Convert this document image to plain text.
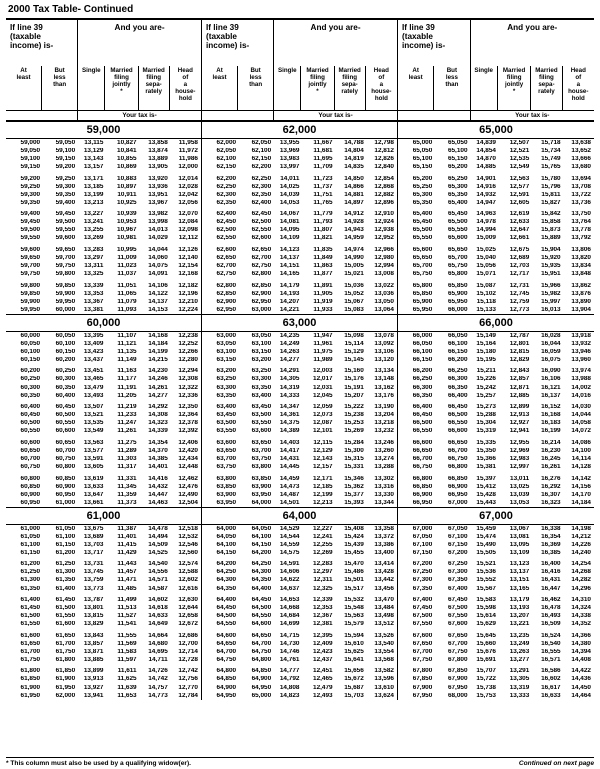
2000 Tax Table- Continued
If line 39 (taxable income) is-
And you are-
At
least
But
less
than
Single	Married
filing
jointly
*
Married
filing
sepa-
rately
Head
of
a
house-
hold

Your tax is-
59,000
59,000	59,050	13,115	10,827	13,858	11,958
59,050	59,100	13,129	10,841	13,874	11,972
59,100	59,150	13,143	10,855	13,889	11,986
59,150	59,200	13,157	10,869	13,905	12,000
59,200	59,250	13,171	10,883	13,920	12,014
59,250	59,300	13,185	10,897	13,936	12,028
59,300	59,350	13,199	10,911	13,951	12,042
59,350	59,400	13,213	10,925	13,967	12,056
59,400	59,450	13,227	10,939	13,982	12,070
59,450	59,500	13,241	10,953	13,998	12,084
59,500	59,550	13,255	10,967	14,013	12,098
59,550	59,600	13,269	10,981	14,029	12,112
59,600	59,650	13,283	10,995	14,044	12,126
59,650	59,700	13,297	11,009	14,060	12,140
59,700	59,750	13,311	11,023	14,075	12,154
59,750	59,800	13,325	11,037	14,091	12,168
59,800	59,850	13,339	11,051	14,106	12,182
59,850	59,900	13,353	11,065	14,122	12,196
59,900	59,950	13,367	11,079	14,137	12,210
59,950	60,000	13,381	11,093	14,153	12,224
60,000
60,000	60,050	13,395	11,107	14,168	12,238
60,050	60,100	13,409	11,121	14,184	12,252
60,100	60,150	13,423	11,135	14,199	12,266
60,150	60,200	13,437	11,149	14,215	12,280
60,200	60,250	13,451	11,163	14,230	12,294
60,250	60,300	13,465	11,177	14,246	12,308
60,300	60,350	13,479	11,191	14,261	12,322
60,350	60,400	13,493	11,205	14,277	12,336
60,400	60,450	13,507	11,219	14,292	12,350
60,450	60,500	13,521	11,233	14,308	12,364
60,500	60,550	13,535	11,247	14,323	12,378
60,550	60,600	13,549	11,261	14,339	12,392
60,600	60,650	13,563	11,275	14,354	12,406
60,650	60,700	13,577	11,289	14,370	12,420
60,700	60,750	13,591	11,303	14,385	12,434
60,750	60,800	13,605	11,317	14,401	12,448
60,800	60,850	13,619	11,331	14,416	12,462
60,850	60,900	13,633	11,345	14,432	12,476
60,900	60,950	13,647	11,359	14,447	12,490
60,950	61,000	13,661	11,373	14,463	12,504
61,000
61,000	61,050	13,675	11,387	14,478	12,518
61,050	61,100	13,689	11,401	14,494	12,532
61,100	61,150	13,703	11,415	14,509	12,546
61,150	61,200	13,717	11,429	14,525	12,560
61,200	61,250	13,731	11,443	14,540	12,574
61,250	61,300	13,745	11,457	14,556	12,588
61,300	61,350	13,759	11,471	14,571	12,602
61,350	61,400	13,773	11,485	14,587	12,616
61,400	61,450	13,787	11,499	14,602	12,630
61,450	61,500	13,801	11,513	14,618	12,644
61,500	61,550	13,815	11,527	14,633	12,658
61,550	61,600	13,829	11,541	14,649	12,672
61,600	61,650	13,843	11,555	14,664	12,686
61,650	61,700	13,857	11,569	14,680	12,700
61,700	61,750	13,871	11,583	14,695	12,714
61,750	61,800	13,885	11,597	14,711	12,728
61,800	61,850	13,899	11,611	14,726	12,742
61,850	61,900	13,913	11,625	14,742	12,756
61,900	61,950	13,927	11,639	14,757	12,770
61,950	62,000	13,941	11,653	14,773	12,784
If line 39 (taxable income) is-
And you are-
At
least
But
less
than
Single	Married
filing
jointly
*
Married
filing
sepa-
rately
Head
of
a
house-
hold

Your tax is-
62,000
62,000	62,050	13,955	11,667	14,788	12,798
62,050	62,100	13,969	11,681	14,804	12,812
62,100	62,150	13,983	11,695	14,819	12,826
62,150	62,200	13,997	11,709	14,835	12,840
62,200	62,250	14,011	11,723	14,850	12,854
62,250	62,300	14,025	11,737	14,866	12,868
62,300	62,350	14,039	11,751	14,881	12,882
62,350	62,400	14,053	11,765	14,897	12,896
62,400	62,450	14,067	11,779	14,912	12,910
62,450	62,500	14,081	11,793	14,928	12,924
62,500	62,550	14,095	11,807	14,943	12,938
62,550	62,600	14,109	11,821	14,959	12,952
62,600	62,650	14,123	11,835	14,974	12,966
62,650	62,700	14,137	11,849	14,990	12,980
62,700	62,750	14,151	11,863	15,005	12,994
62,750	62,800	14,165	11,877	15,021	13,008
62,800	62,850	14,179	11,891	15,036	13,022
62,850	62,900	14,193	11,905	15,052	13,036
62,900	62,950	14,207	11,919	15,067	13,050
62,950	63,000	14,221	11,933	15,083	13,064
63,000
63,000	63,050	14,235	11,947	15,098	13,078
63,050	63,100	14,249	11,961	15,114	13,092
63,100	63,150	14,263	11,975	15,129	13,106
63,150	63,200	14,277	11,989	15,145	13,120
63,200	63,250	14,291	12,003	15,160	13,134
63,250	63,300	14,305	12,017	15,176	13,148
63,300	63,350	14,319	12,031	15,191	13,162
63,350	63,400	14,333	12,045	15,207	13,176
63,400	63,450	14,347	12,059	15,222	13,190
63,450	63,500	14,361	12,073	15,238	13,204
63,500	63,550	14,375	12,087	15,253	13,218
63,550	63,600	14,389	12,101	15,269	13,232
63,600	63,650	14,403	12,115	15,284	13,246
63,650	63,700	14,417	12,129	15,300	13,260
63,700	63,750	14,431	12,143	15,315	13,274
63,750	63,800	14,445	12,157	15,331	13,288
63,800	63,850	14,459	12,171	15,346	13,302
63,850	63,900	14,473	12,185	15,362	13,316
63,900	63,950	14,487	12,199	15,377	13,330
63,950	64,000	14,501	12,213	15,393	13,344
64,000
64,000	64,050	14,529	12,227	15,408	13,358
64,050	64,100	14,544	12,241	15,424	13,372
64,100	64,150	14,559	12,255	15,439	13,386
64,150	64,200	14,575	12,269	15,455	13,400
64,200	64,250	14,591	12,283	15,470	13,414
64,250	64,300	14,606	12,297	15,486	13,428
64,300	64,350	14,622	12,311	15,501	13,442
64,350	64,400	14,637	12,325	15,517	13,456
64,400	64,450	14,653	12,339	15,532	13,470
64,450	64,500	14,668	12,353	15,548	13,484
64,500	64,550	14,684	12,367	15,563	13,498
64,550	64,600	14,699	12,381	15,579	13,512
64,600	64,650	14,715	12,395	15,594	13,526
64,650	64,700	14,730	12,409	15,610	13,540
64,700	64,750	14,746	12,423	15,625	13,554
64,750	64,800	14,761	12,437	15,641	13,568
64,800	64,850	14,777	12,451	15,656	13,582
64,850	64,900	14,792	12,465	15,672	13,596
64,900	64,950	14,808	12,479	15,687	13,610
64,950	65,000	14,823	12,493	15,703	13,624
If line 39 (taxable income) is-
And you are-
At
least
But
less
than
Single	Married
filing
jointly
*
Married
filing
sepa-
rately
Head
of
a
house-
hold

Your tax is-
65,000
65,000	65,050	14,839	12,507	15,718	13,638
65,050	65,100	14,854	12,521	15,734	13,652
65,100	65,150	14,870	12,535	15,749	13,666
65,150	65,200	14,885	12,549	15,765	13,680
65,200	65,250	14,901	12,563	15,780	13,694
65,250	65,300	14,916	12,577	15,796	13,708
65,300	65,350	14,932	12,591	15,811	13,722
65,350	65,400	14,947	12,605	15,827	13,736
65,400	65,450	14,963	12,619	15,842	13,750
65,450	65,500	14,978	12,633	15,858	13,764
65,500	65,550	14,994	12,647	15,873	13,778
65,550	65,600	15,009	12,661	15,889	13,792
65,600	65,650	15,025	12,675	15,904	13,806
65,650	65,700	15,040	12,689	15,920	13,820
65,700	65,750	15,056	12,703	15,935	13,834
65,750	65,800	15,071	12,717	15,951	13,848
65,800	65,850	15,087	12,731	15,966	13,862
65,850	65,900	15,102	12,745	15,982	13,876
65,900	65,950	15,118	12,759	15,997	13,890
65,950	66,000	15,133	12,773	16,013	13,904
66,000
66,000	66,050	15,149	12,787	16,028	13,918
66,050	66,100	15,164	12,801	16,044	13,932
66,100	66,150	15,180	12,815	16,059	13,946
66,150	66,200	15,195	12,829	16,075	13,960
66,200	66,250	15,211	12,843	16,090	13,974
66,250	66,300	15,226	12,857	16,106	13,988
66,300	66,350	15,242	12,871	16,121	14,002
66,350	66,400	15,257	12,885	16,137	14,016
66,400	66,450	15,273	12,899	16,152	14,030
66,450	66,500	15,288	12,913	16,168	14,044
66,500	66,550	15,304	12,927	16,183	14,058
66,550	66,600	15,319	12,941	16,199	14,072
66,600	66,650	15,335	12,955	16,214	14,086
66,650	66,700	15,350	12,969	16,230	14,100
66,700	66,750	15,366	12,983	16,245	14,114
66,750	66,800	15,381	12,997	16,261	14,128
66,800	66,850	15,397	13,011	16,276	14,142
66,850	66,900	15,412	13,025	16,292	14,156
66,900	66,950	15,428	13,039	16,307	14,170
66,950	67,000	15,443	13,053	16,323	14,184
67,000
67,000	67,050	15,459	13,067	16,338	14,198
67,050	67,100	15,474	13,081	16,354	14,212
67,100	67,150	15,490	13,095	16,369	14,226
67,150	67,200	15,505	13,109	16,385	14,240
67,200	67,250	15,521	13,123	16,400	14,254
67,250	67,300	15,536	13,137	16,416	14,268
67,300	67,350	15,552	13,151	16,431	14,282
67,350	67,400	15,567	13,165	16,447	14,296
67,400	67,450	15,583	13,179	16,462	14,310
67,450	67,500	15,598	13,193	16,478	14,324
67,500	67,550	15,614	13,207	16,493	14,338
67,550	67,600	15,629	13,221	16,509	14,352
67,600	67,650	15,645	13,235	16,524	14,366
67,650	67,700	15,660	13,249	16,540	14,380
67,700	67,750	15,676	13,263	16,555	14,394
67,750	67,800	15,691	13,277	16,571	14,408
67,800	67,850	15,707	13,291	16,586	14,422
67,850	67,900	15,722	13,305	16,602	14,436
67,900	67,950	15,738	13,319	16,617	14,450
67,950	68,000	15,753	13,333	16,633	14,464
* This column must also be used by a qualifying widow(er).	Continued on next page
